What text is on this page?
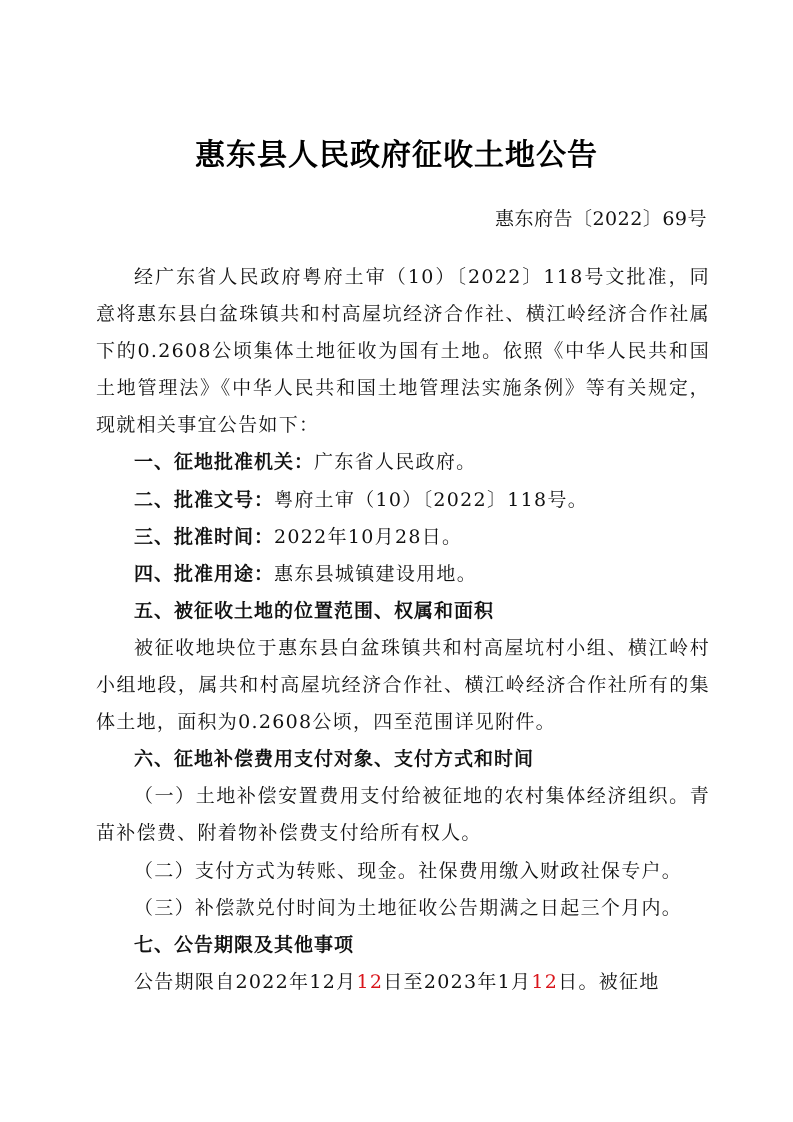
惠东县人民政府征收土地公告
惠东府告〔2022〕69号

经广东省人民政府粤府土审（10）〔2022〕118号文批准，同意将惠东县白盆珠镇共和村高屋坑经济合作社、横江岭经济合作社属下的0.2608公顷集体土地征收为国有土地。依照《中华人民共和国土地管理法》《中华人民共和国土地管理法实施条例》等有关规定，现就相关事宜公告如下：

一、征地批准机关：广东省人民政府。

二、批准文号：粤府土审（10）〔2022〕118号。

三、批准时间：2022年10月28日。

四、批准用途：惠东县城镇建设用地。

五、被征收土地的位置范围、权属和面积

被征收地块位于惠东县白盆珠镇共和村高屋坑村小组、横江岭村小组地段，属共和村高屋坑经济合作社、横江岭经济合作社所有的集体土地，面积为0.2608公顷，四至范围详见附件。

六、征地补偿费用支付对象、支付方式和时间

（一）土地补偿安置费用支付给被征地的农村集体经济组织。青苗补偿费、附着物补偿费支付给所有权人。

（二）支付方式为转账、现金。社保费用缴入财政社保专户。

（三）补偿款兑付时间为土地征收公告期满之日起三个月内。

七、公告期限及其他事项

公告期限自2022年12月12日至2023年1月12日。被征地
